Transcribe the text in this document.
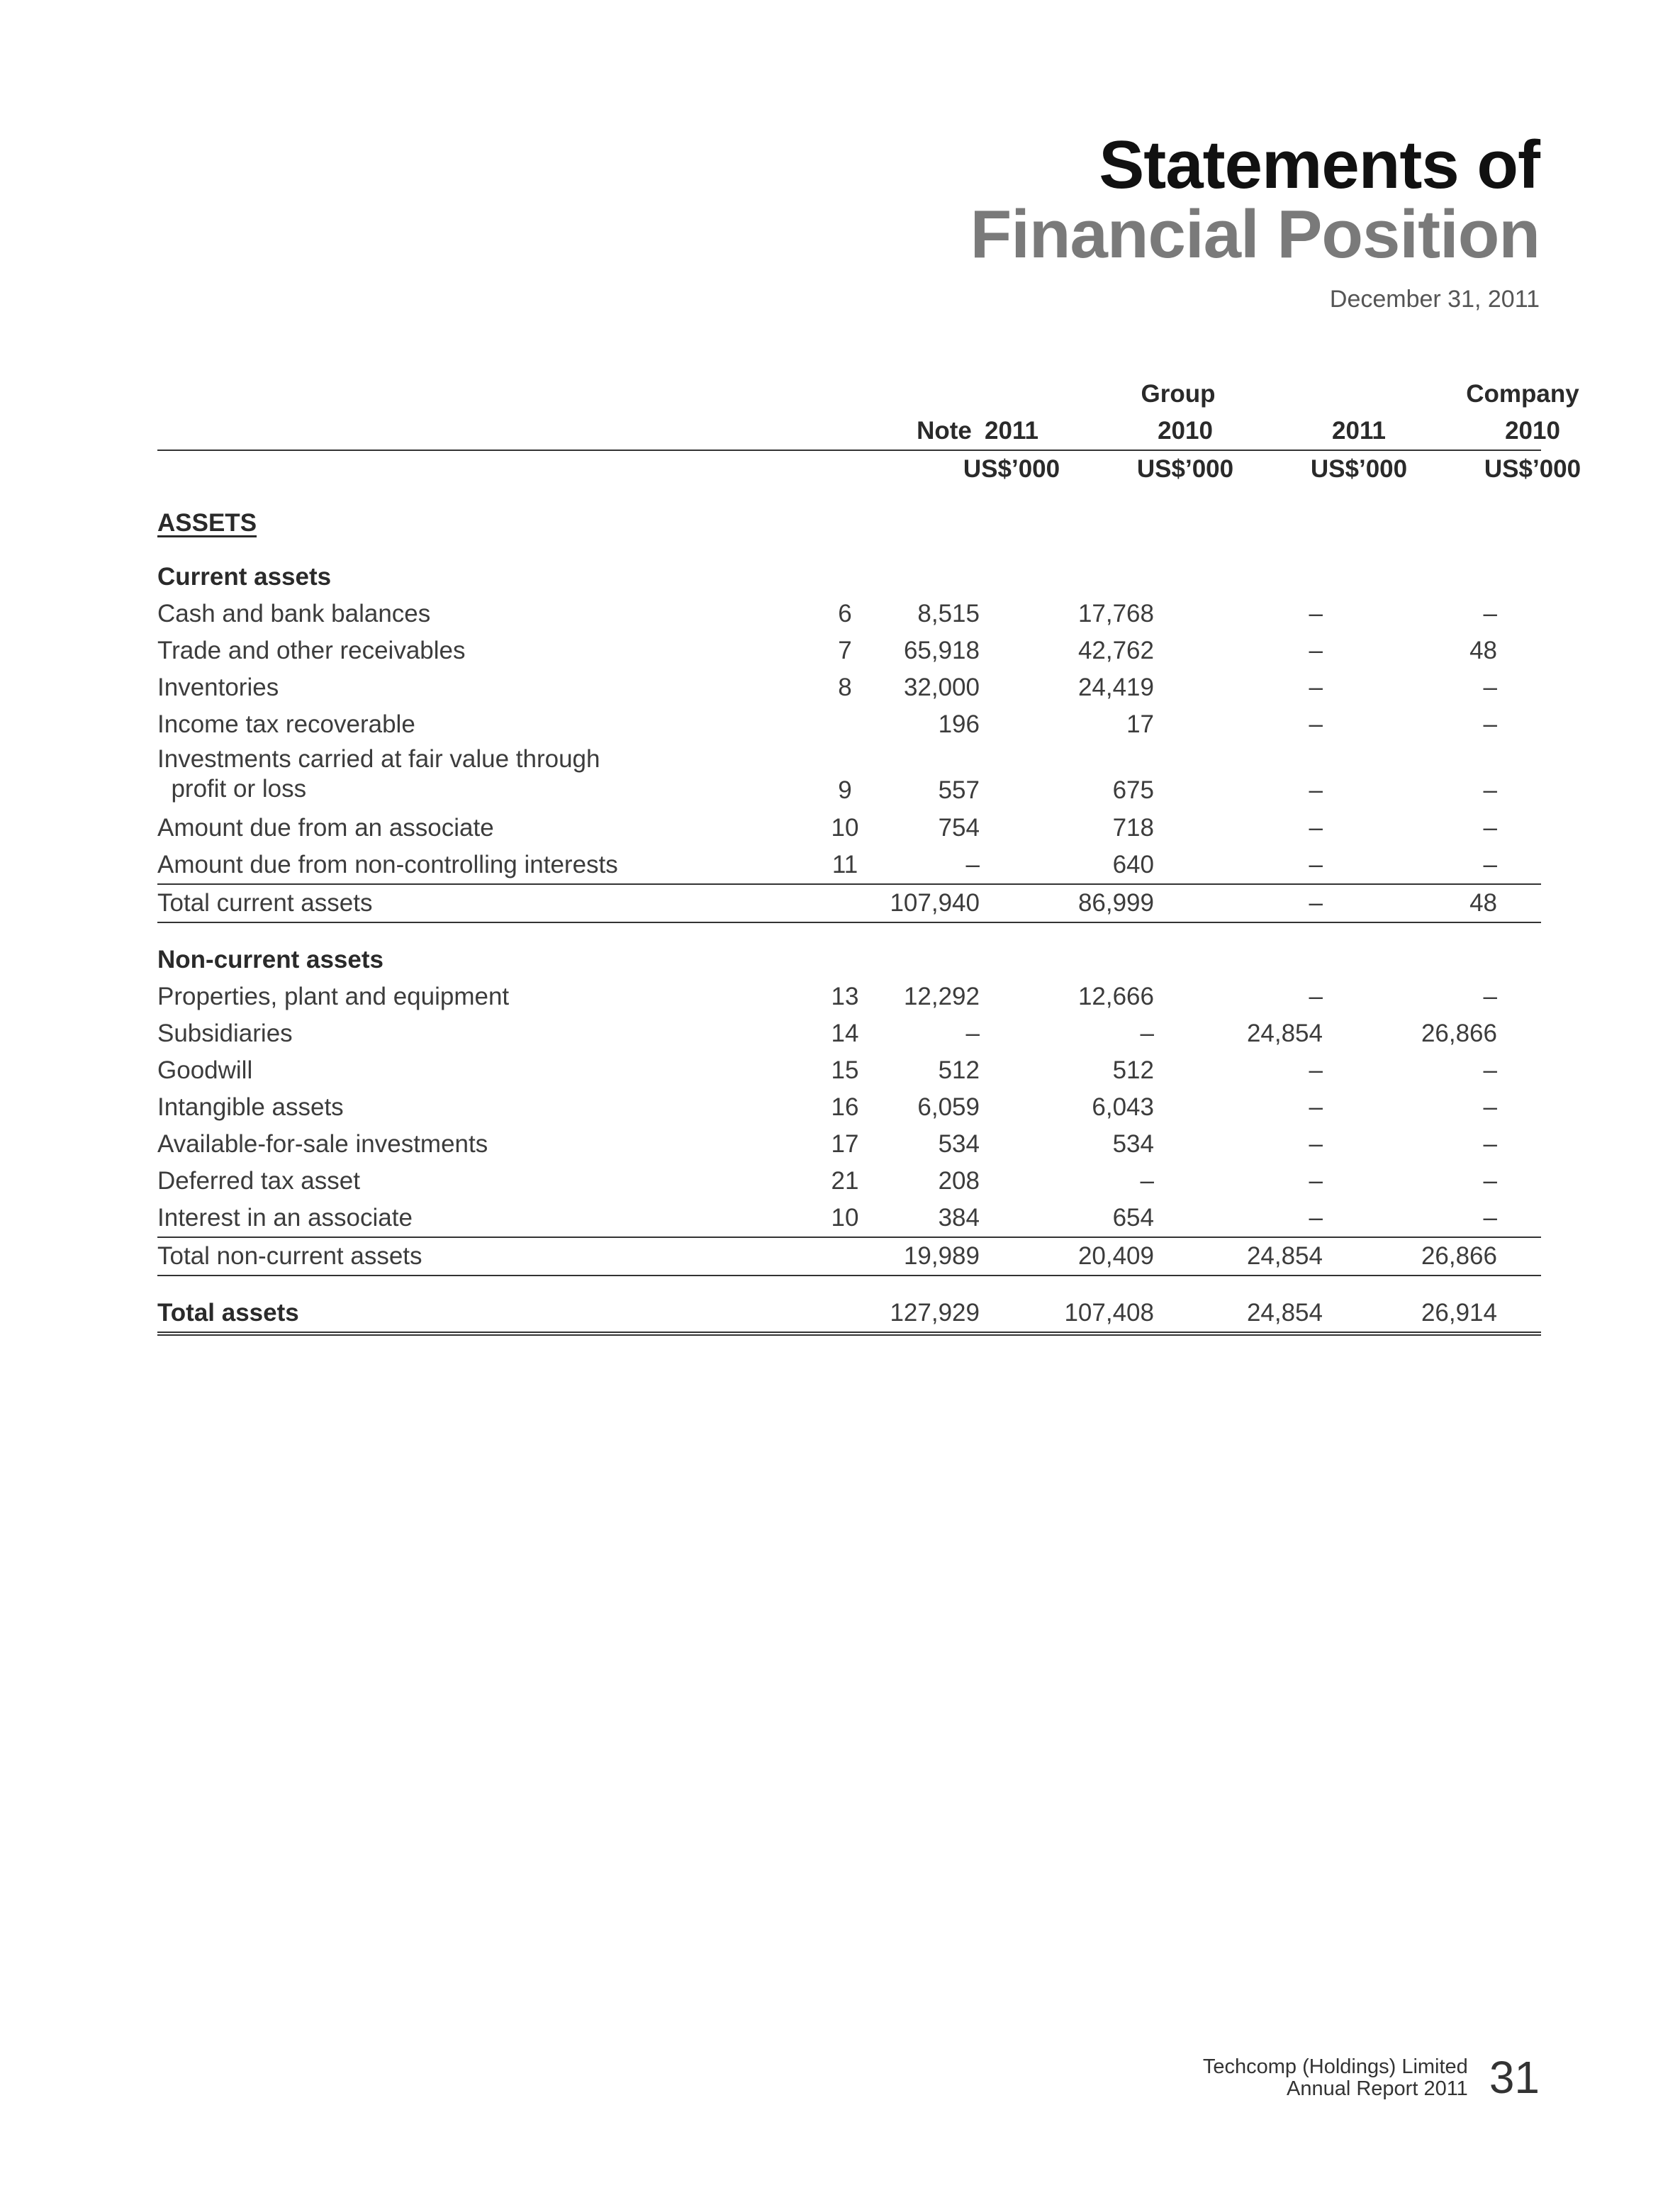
Statements of
Financial Position
December 31, 2011
Group	Company
Note 2011	2010	2011	2010
US$’000	US$’000	US$’000	US$’000
ASSETS
Current assets
Cash and bank balances	6	8,515	17,768	–	–
Trade and other receivables	7	65,918	42,762	–	48
Inventories	8	32,000	24,419	–	–
Income tax recoverable	196	17	–	–
Investments carried at fair value through
profit or loss	9	557	675	–	–
Amount due from an associate	10	754	718	–	–
Amount due from non-controlling interests	11	–	640	–	–
Total current assets	107,940	86,999	–	48
Non-current assets
Properties, plant and equipment	13	12,292	12,666	–	–
Subsidiaries	14	–	–	24,854	26,866
Goodwill	15	512	512	–	–
Intangible assets	16	6,059	6,043	–	–
Available-for-sale investments	17	534	534	–	–
Deferred tax asset	21	208	–	–	–
Interest in an associate	10	384	654	–	–
Total non-current assets	19,989	20,409	24,854	26,866
Total assets	127,929	107,408	24,854	26,914
Techcomp (Holdings) Limited
Annual Report 2011 31
